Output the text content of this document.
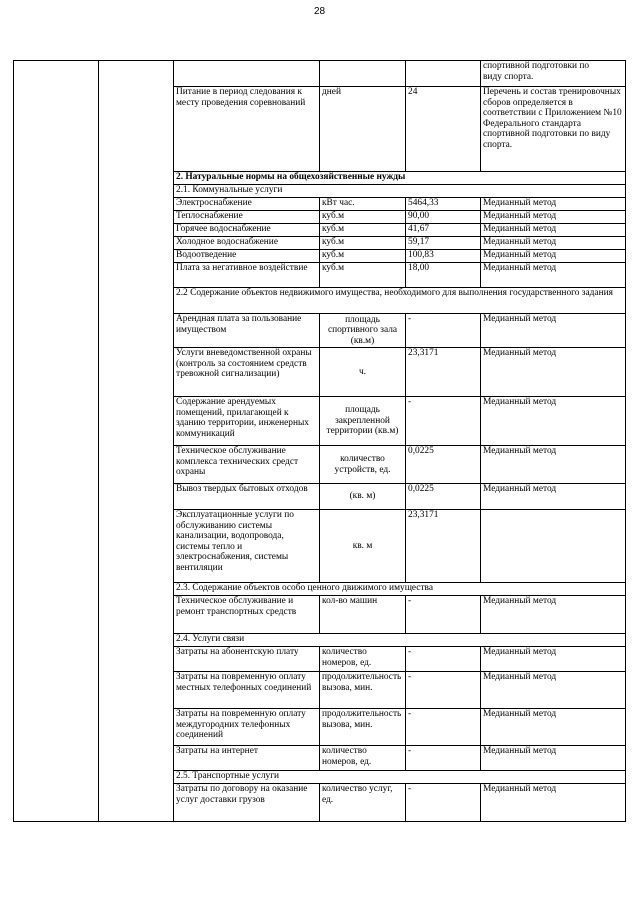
28
					спортивной подготовки по
виду спорта.
		Питание в период следования к месту проведения соревнований	дней	24	Перечень и состав тренировочных сборов определяется в соответствии с Приложением №10 Федерального стандарта спортивной подготовки по виду спорта.
		2. Натуральные нормы на общехозяйственные нужды			
		2.1. Коммунальные услуги			
		Электроснабжение	кВт час.	5464,33	Медианный метод
		Теплоснабжение	куб.м	90,00	Медианный метод
		Горячее водоснабжение	куб.м	41,67	Медианный метод
		Холодное водоснабжение	куб.м	59,17	Медианный метод
		Водоотведение	куб.м	100,83	Медианный метод
		Плата за негативное воздействие	куб.м	18,00	Медианный метод
		2.2 Содержание объектов недвижимого имущества, необходимого для выполнения государственного задания			
		Арендная плата за пользование имуществом	площадь спортивного зала (кв.м)	-	Медианный метод
		Услуги вневедомственной охраны (контроль за состоянием средств тревожной сигнализации)	ч.	23,3171	Медианный метод
		Содержание арендуемых помещений, прилагающей к зданию территории, инженерных коммуникаций	площадь закрепленной территории (кв.м)	-	Медианный метод
		Техническое обслуживание комплекса технических средст охраны	количество устройств, ед.	0,0225	Медианный метод
		Вывоз твердых бытовых отходов	(кв. м)	0,0225	Медианный метод
		Эксплуатационные услуги по обслуживанию системы канализации, водопровода, системы тепло и электроснабжения, системы вентиляции	кв. м	23,3171	
		2.3. Содержание объектов особо ценного движимого имущества			
		Техническое обслуживание и ремонт транспортных средств	кол-во машин	-	Медианный метод
		2.4. Услуги связи			
		Затраты на абонентскую плату	количество номеров, ед.	-	Медианный метод
		Затраты на повременную оплату местных телефонных соединений	продолжительность вызова, мин.	-	Медианный метод
		Затраты на повременную оплату междугородних телефонных соединений	продолжительность вызова, мин.	-	Медианный метод
		Затраты на интернет	количество номеров, ед.	-	Медианный метод
		2.5. Транспортные услуги			
		Затраты по договору на оказание услуг доставки грузов	количество услуг, ед.	-	Медианный метод
